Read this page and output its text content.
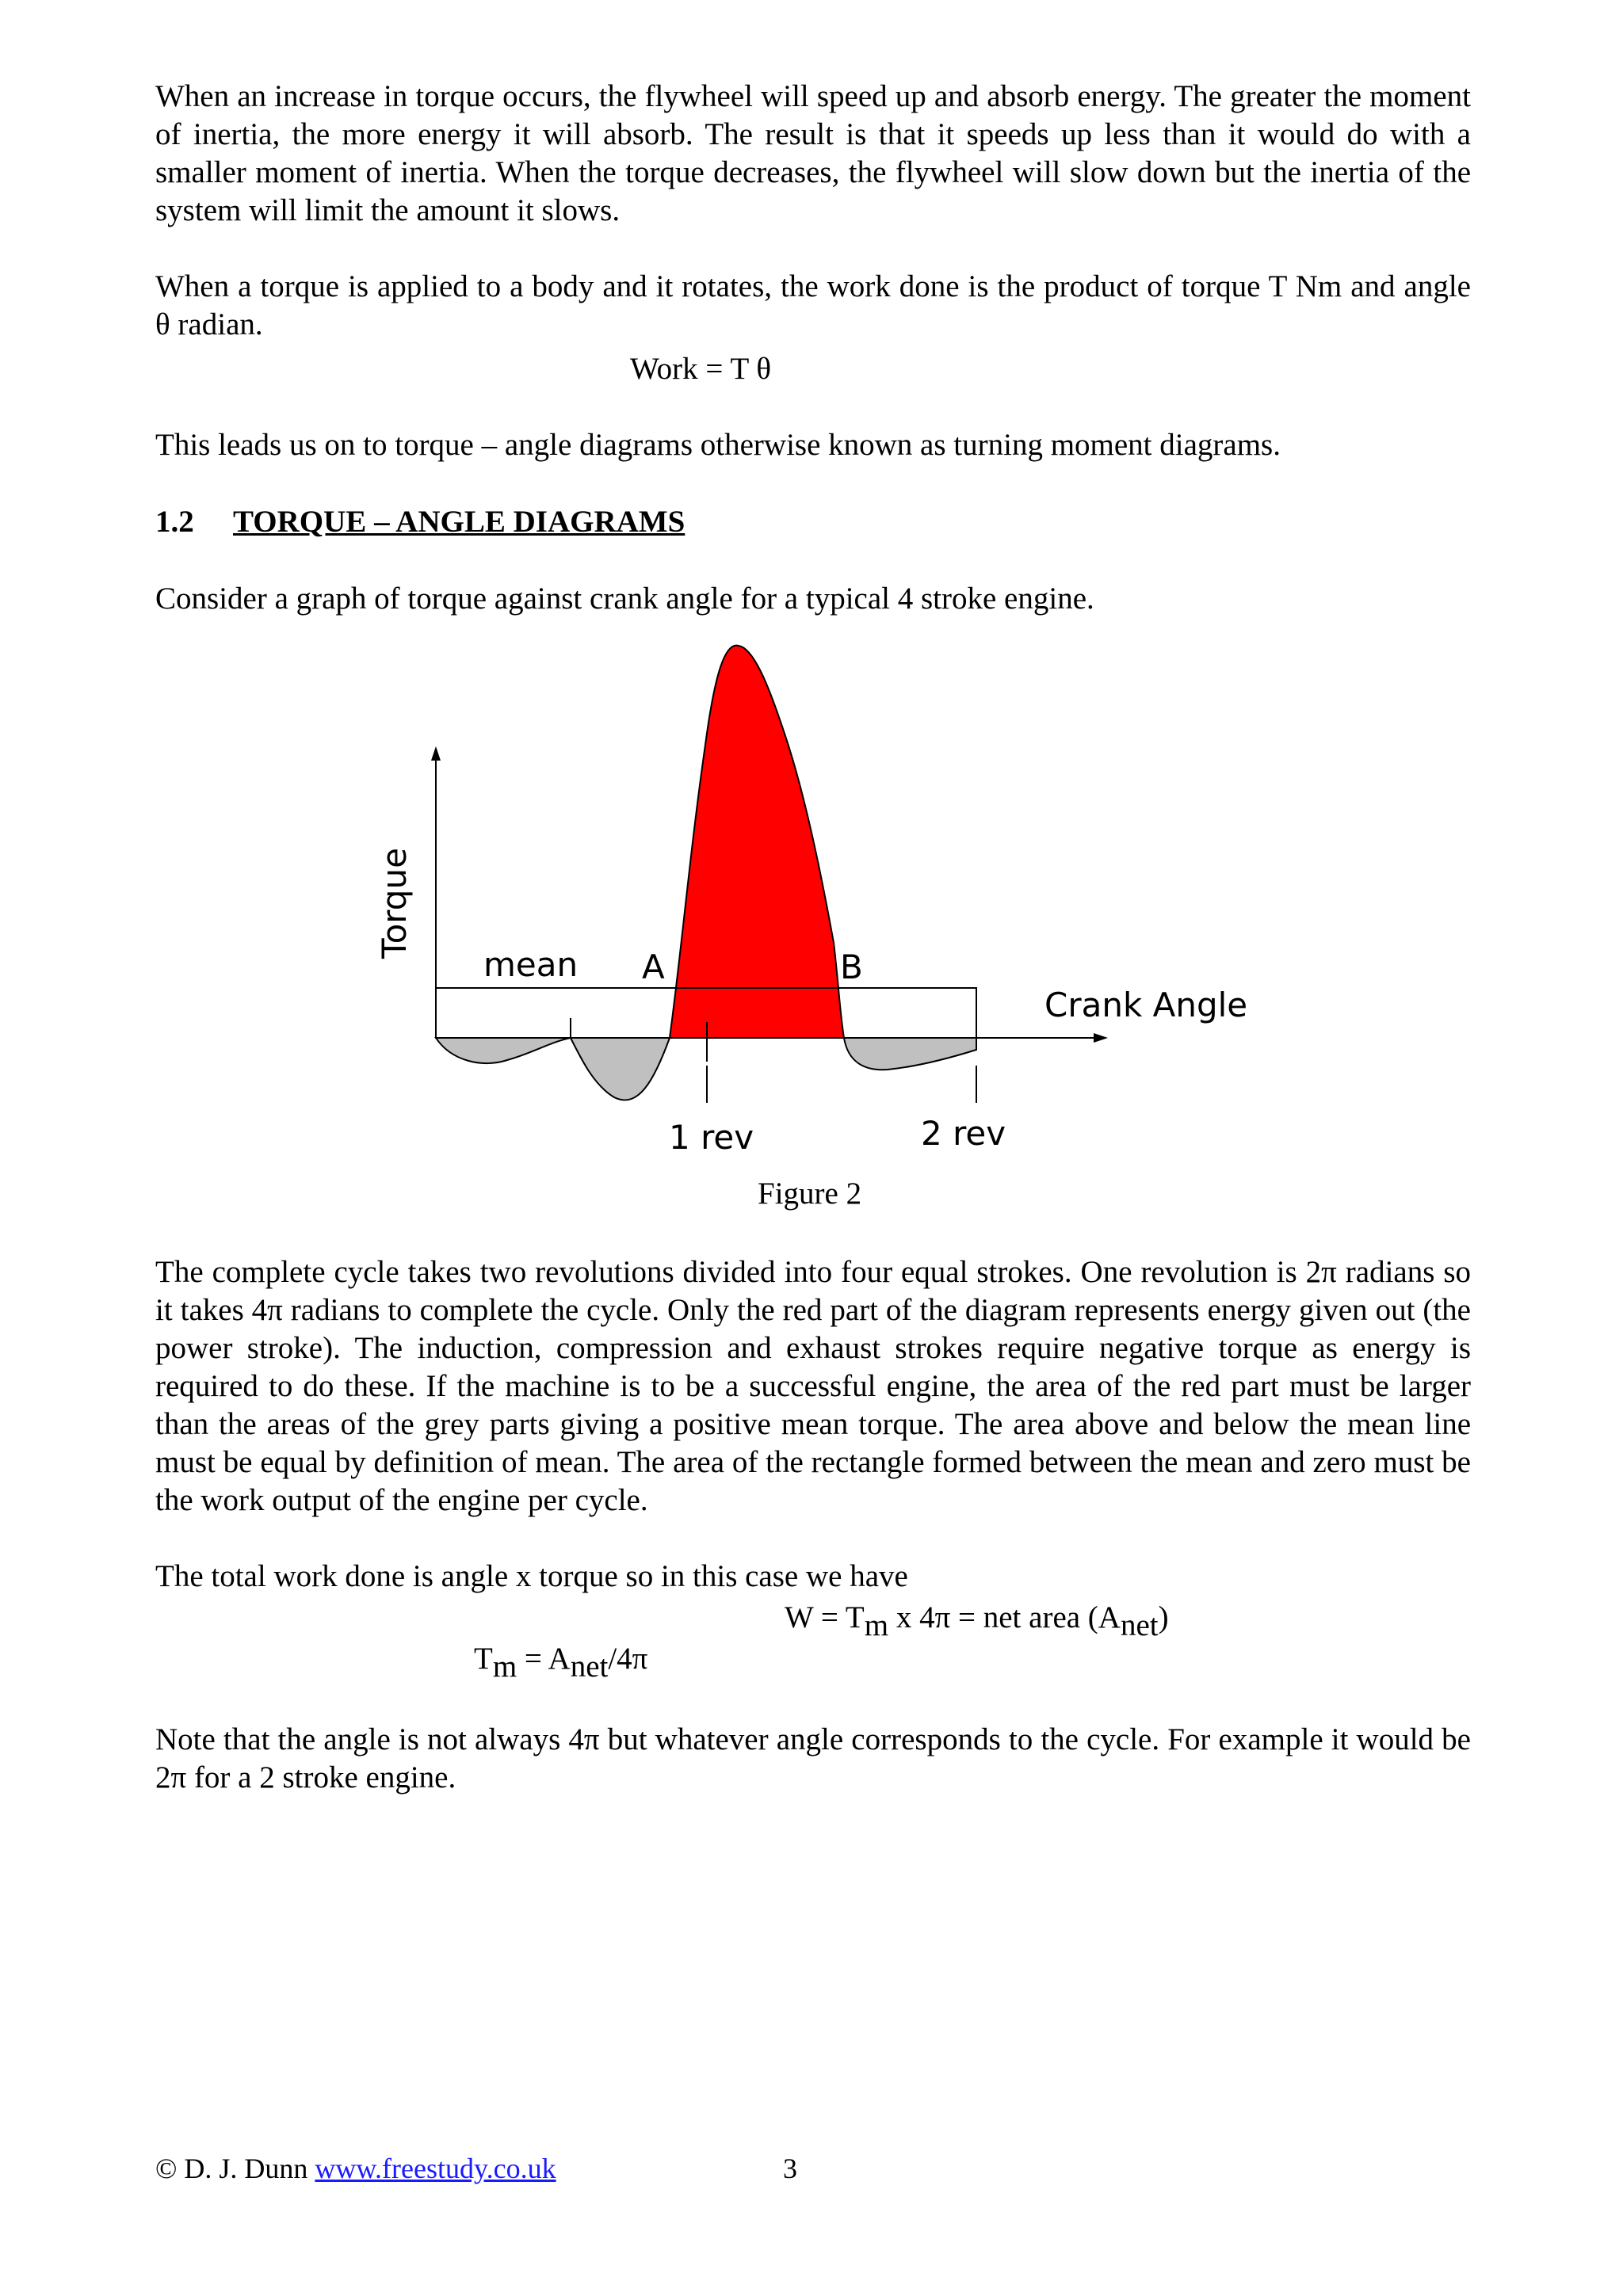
When an increase in torque occurs, the flywheel will speed up and absorb energy. The greater the moment of inertia, the more energy it will absorb. The result is that it speeds up less than it would do with a smaller moment of inertia. When the torque decreases, the flywheel will slow down but the inertia of the system will limit the amount it slows.

When a torque is applied to a body and it rotates, the work done is the product of torque T Nm and angle θ radian.

Work = T θ

This leads us on to torque – angle diagrams otherwise known as turning moment diagrams.

1.2 TORQUE – ANGLE DIAGRAMS

Consider a graph of torque against crank angle for a typical 4 stroke engine.

Torque
mean A	B
Crank Angle
1 rev	2 rev
Figure 2

The complete cycle takes two revolutions divided into four equal strokes. One revolution is 2π radians so it takes 4π radians to complete the cycle. Only the red part of the diagram represents energy given out (the power stroke). The induction, compression and exhaust strokes require negative torque as energy is required to do these. If the machine is to be a successful engine, the area of the red part must be larger than the areas of the grey parts giving a positive mean torque. The area above and below the mean line must be equal by definition of mean. The area of the rectangle formed between the mean and zero must be the work output of the engine per cycle.

The total work done is angle x torque so in this case we have

$W = T_m$ x 4π = net area $(A_{net})$
$T_m = A_{net}/4\pi$

Note that the angle is not always 4π but whatever angle corresponds to the cycle. For example it would be 2π for a 2 stroke engine.

© D. J. Dunn www.freestudy.co.uk	3
